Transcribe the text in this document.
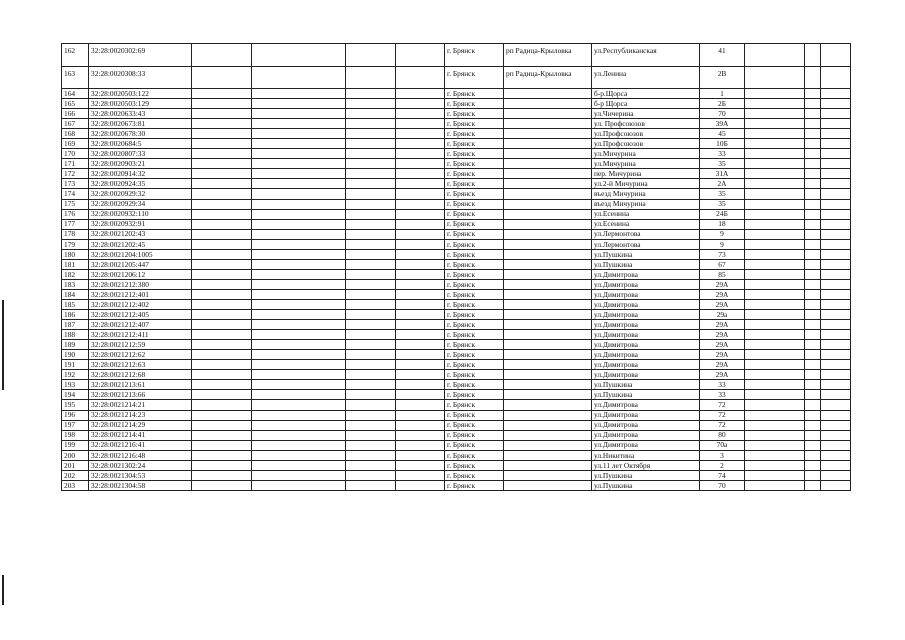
162	32:28:0020302:69					г. Брянск	рп Радица-Крыловка	ул.Республиканская	41			
163	32:28:0020308:33					г. Брянск	рп Радица-Крыловка	ул.Ленина	2В			
164	32:28:0020503:122					г. Брянск		б-р.Щорса	1			
165	32:28:0020503:129					г. Брянск		б-р Щорса	2Б			
166	32:28:0020633:43					г. Брянск		ул.Чичерина	70			
167	32:28:0020673:81					г. Брянск		ул. Профсоюзов	39А			
168	32:28:0020678:30					г. Брянск		ул.Профсоюзов	45			
169	32:28:0020684:5					г. Брянск		ул.Профсоюзов	10Б			
170	32:28:0020807:33					г. Брянск		ул.Мичурина	33			
171	32:28:0020903:21					г. Брянск		ул.Мичурина	35			
172	32:28:0020914:32					г. Брянск		пер. Мичурина	31А			
173	32:28:0020924:35					г. Брянск		ул.2-й Мичурина	2А			
174	32:28:0020929:32					г. Брянск		въезд Мичурина	35			
175	32:28:0020929:34					г. Брянск		въезд Мичурина	35			
176	32:28:0020932:110					г. Брянск		ул.Есенина	24Б			
177	32:28:0020932:91					г. Брянск		ул.Есенина	18			
178	32:28:0021202:43					г. Брянск		ул.Лермонтова	9			
179	32:28:0021202:45					г. Брянск		ул.Лермонтова	9			
180	32:28:0021204:1005					г. Брянск		ул.Пушкина	73			
181	32:28:0021205:447					г. Брянск		ул.Пушкина	67			
182	32:28:0021206:12					г. Брянск		ул.Димитрова	85			
183	32:28:0021212:380					г. Брянск		ул.Димитрова	29А			
184	32:28:0021212:401					г. Брянск		ул.Димитрова	29А			
185	32:28:0021212:402					г. Брянск		ул.Димитрова	29А			
186	32:28:0021212:405					г. Брянск		ул.Димитрова	29а			
187	32:28:0021212:407					г. Брянск		ул.Димитрова	29А			
188	32:28:0021212:411					г. Брянск		ул.Димитрова	29А			
189	32:28:0021212:59					г. Брянск		ул.Димитрова	29А			
190	32:28:0021212:62					г. Брянск		ул.Димитрова	29А			
191	32:28:0021212:63					г. Брянск		ул.Димитрова	29А			
192	32:28:0021212:68					г. Брянск		ул.Димитрова	29А			
193	32:28:0021213:61					г. Брянск		ул.Пушкина	33			
194	32:28:0021213:66					г. Брянск		ул.Пушкина	33			
195	32:28:0021214:21					г. Брянск		ул.Димитрова	72			
196	32:28:0021214:23					г. Брянск		ул.Димитрова	72			
197	32:28:0021214:29					г. Брянск		ул.Димитрова	72			
198	32:28:0021214:41					г. Брянск		ул.Димитрова	80			
199	32:28:0021216:41					г. Брянск		ул.Димитрова	70а			
200	32:28:0021216:48					г. Брянск		ул.Никитина	3			
201	32:28:0021302:24					г. Брянск		ул.11 лет Октября	2			
202	32:28:0021304:53					г. Брянск		ул.Пушкина	74			
203	32:28:0021304:58					г. Брянск		ул.Пушкина	70			
